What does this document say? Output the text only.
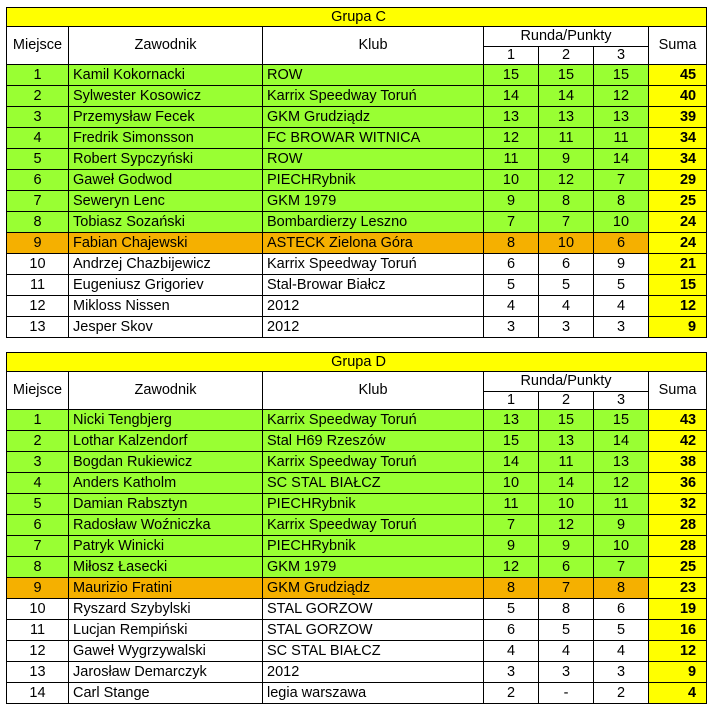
Grupa C						
Miejsce	Zawodnik	Klub	Runda/Punkty			Suma
			1	2	3	
1	Kamil Kokornacki	ROW	15	15	15	45
2	Sylwester Kosowicz	Karrix Speedway Toruń	14	14	12	40
3	Przemysław Fecek	GKM Grudziądz	13	13	13	39
4	Fredrik Simonsson	FC BROWAR WITNICA	12	11	11	34
5	Robert Sypczyński	ROW	11	9	14	34
6	Gaweł Godwod	PIECHRybnik	10	12	7	29
7	Seweryn Lenc	GKM 1979	9	8	8	25
8	Tobiasz Sozański	Bombardierzy Leszno	7	7	10	24
9	Fabian Chajewski	ASTECK Zielona Góra	8	10	6	24
10	Andrzej Chazbijewicz	Karrix Speedway Toruń	6	6	9	21
11	Eugeniusz Grigoriev	Stal-Browar Białcz	5	5	5	15
12	Mikloss Nissen	2012	4	4	4	12
13	Jesper Skov	2012	3	3	3	9
Grupa D						
Miejsce	Zawodnik	Klub	Runda/Punkty			Suma
			1	2	3	
1	Nicki Tengbjerg	Karrix Speedway Toruń	13	15	15	43
2	Lothar Kalzendorf	Stal H69 Rzeszów	15	13	14	42
3	Bogdan Rukiewicz	Karrix Speedway Toruń	14	11	13	38
4	Anders Katholm	SC STAL BIAŁCZ	10	14	12	36
5	Damian Rabsztyn	PIECHRybnik	11	10	11	32
6	Radosław Woźniczka	Karrix Speedway Toruń	7	12	9	28
7	Patryk Winicki	PIECHRybnik	9	9	10	28
8	Miłosz Łasecki	GKM 1979	12	6	7	25
9	Maurizio Fratini	GKM Grudziądz	8	7	8	23
10	Ryszard Szybylski	STAL GORZOW	5	8	6	19
11	Lucjan Rempiński	STAL GORZOW	6	5	5	16
12	Gaweł Wygrzywalski	SC STAL BIAŁCZ	4	4	4	12
13	Jarosław Demarczyk	2012	3	3	3	9
14	Carl Stange	legia warszawa	2	-	2	4
